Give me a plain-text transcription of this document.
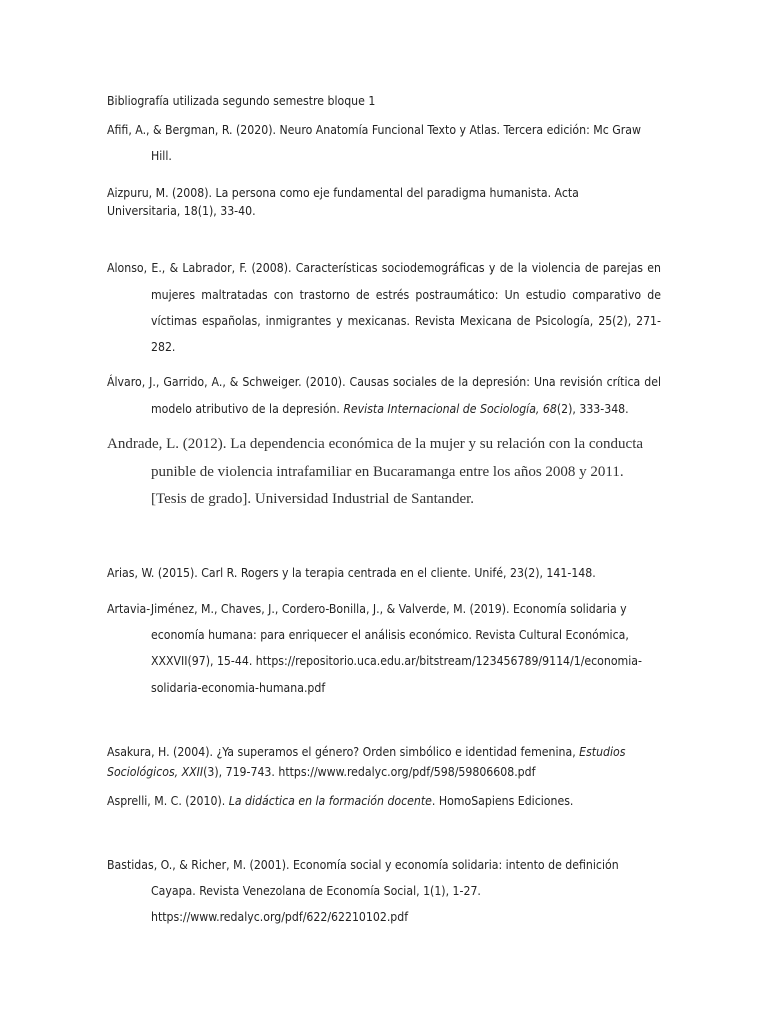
Bibliografía utilizada segundo semestre bloque 1
Afifi, A., & Bergman, R. (2020). Neuro Anatomía Funcional Texto y Atlas. Tercera edición: Mc Graw
Hill.
Aizpuru, M. (2008). La persona como eje fundamental del paradigma humanista. Acta
Universitaria, 18(1), 33-40.
Alonso, E., & Labrador, F. (2008). Características sociodemográficas y de la violencia de parejas en
mujeres maltratadas con trastorno de estrés postraumático: Un estudio comparativo de
víctimas españolas, inmigrantes y mexicanas. Revista Mexicana de Psicología, 25(2), 271-
282.
Álvaro, J., Garrido, A., & Schweiger. (2010). Causas sociales de la depresión: Una revisión crítica del
modelo atributivo de la depresión. Revista Internacional de Sociología, 68(2), 333-348.
Andrade, L. (2012). La dependencia económica de la mujer y su relación con la conducta
punible de violencia intrafamiliar en Bucaramanga entre los años 2008 y 2011.
[Tesis de grado]. Universidad Industrial de Santander.
Arias, W. (2015). Carl R. Rogers y la terapia centrada en el cliente. Unifé, 23(2), 141-148.
Artavia-Jiménez, M., Chaves, J., Cordero-Bonilla, J., & Valverde, M. (2019). Economía solidaria y
economía humana: para enriquecer el análisis económico. Revista Cultural Económica,
XXXVII(97), 15-44. https://repositorio.uca.edu.ar/bitstream/123456789/9114/1/economia-
solidaria-economia-humana.pdf
Asakura, H. (2004). ¿Ya superamos el género? Orden simbólico e identidad femenina, Estudios
Sociológicos, XXII(3), 719-743. https://www.redalyc.org/pdf/598/59806608.pdf
Asprelli, M. C. (2010). La didáctica en la formación docente. HomoSapiens Ediciones.
Bastidas, O., & Richer, M. (2001). Economía social y economía solidaria: intento de definición
Cayapa. Revista Venezolana de Economía Social, 1(1), 1-27.
https://www.redalyc.org/pdf/622/62210102.pdf
